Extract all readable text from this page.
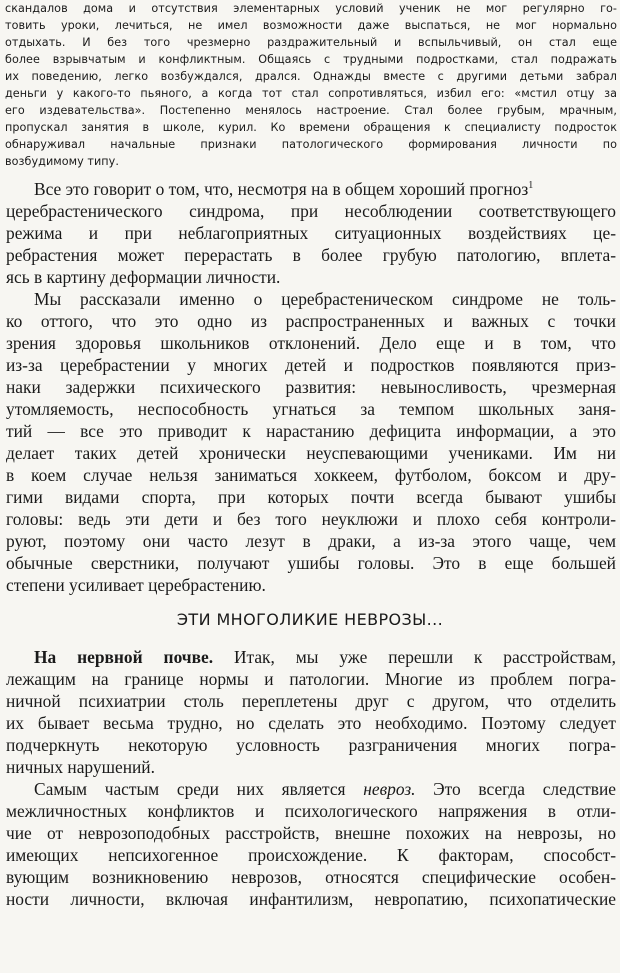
скандалов дома и отсутствия элементарных условий ученик не мог регулярно го-

товить уроки, лечиться, не имел возможности даже выспаться, не мог нормально

отдыхать. И без того чрезмерно раздражительный и вспыльчивый, он стал еще

более взрывчатым и конфликтным. Общаясь с трудными подростками, стал подражать

их поведению, легко возбуждался, дрался. Однажды вместе с другими детьми забрал

деньги у какого-то пьяного, а когда тот стал сопротивляться, избил его: «мстил отцу за

его издевательства». Постепенно менялось настроение. Стал более грубым, мрачным,

пропускал занятия в школе, курил. Ко времени обращения к специалисту подросток

обнаруживал начальные признаки патологического формирования личности по

возбудимому типу.

Все это говорит о том, что, несмотря на в общем хороший прогноз$^1$

церебрастенического синдрома, при несоблюдении соответствующего

режима и при неблагоприятных ситуационных воздействиях це-

ребрастения может перерастать в более грубую патологию, вплета-

ясь в картину деформации личности.

Мы рассказали именно о церебрастеническом синдроме не толь-

ко оттого, что это одно из распространенных и важных с точки

зрения здоровья школьников отклонений. Дело еще и в том, что

из-за церебрастении у многих детей и подростков появляются приз-

наки задержки психического развития: невыносливость, чрезмерная

утомляемость, неспособность угнаться за темпом школьных заня-

тий — все это приводит к нарастанию дефицита информации, а это

делает таких детей хронически неуспевающими учениками. Им ни

в коем случае нельзя заниматься хоккеем, футболом, боксом и дру-

гими видами спорта, при которых почти всегда бывают ушибы

головы: ведь эти дети и без того неуклюжи и плохо себя контроли-

руют, поэтому они часто лезут в драки, а из-за этого чаще, чем

обычные сверстники, получают ушибы головы. Это в еще большей

степени усиливает церебрастению.

ЭТИ МНОГОЛИКИЕ НЕВРОЗЫ...

На нервной почве. Итак, мы уже перешли к расстройствам,

лежащим на границе нормы и патологии. Многие из проблем погра-

ничной психиатрии столь переплетены друг с другом, что отделить

их бывает весьма трудно, но сделать это необходимо. Поэтому следует

подчеркнуть некоторую условность разграничения многих погра-

ничных нарушений.

Самым частым среди них является невроз. Это всегда следствие

межличностных конфликтов и психологического напряжения в отли-

чие от неврозоподобных расстройств, внешне похожих на неврозы, но

имеющих непсихогенное происхождение. К факторам, способст-

вующим возникновению неврозов, относятся специфические особен-

ности личности, включая инфантилизм, невропатию, психопатические
